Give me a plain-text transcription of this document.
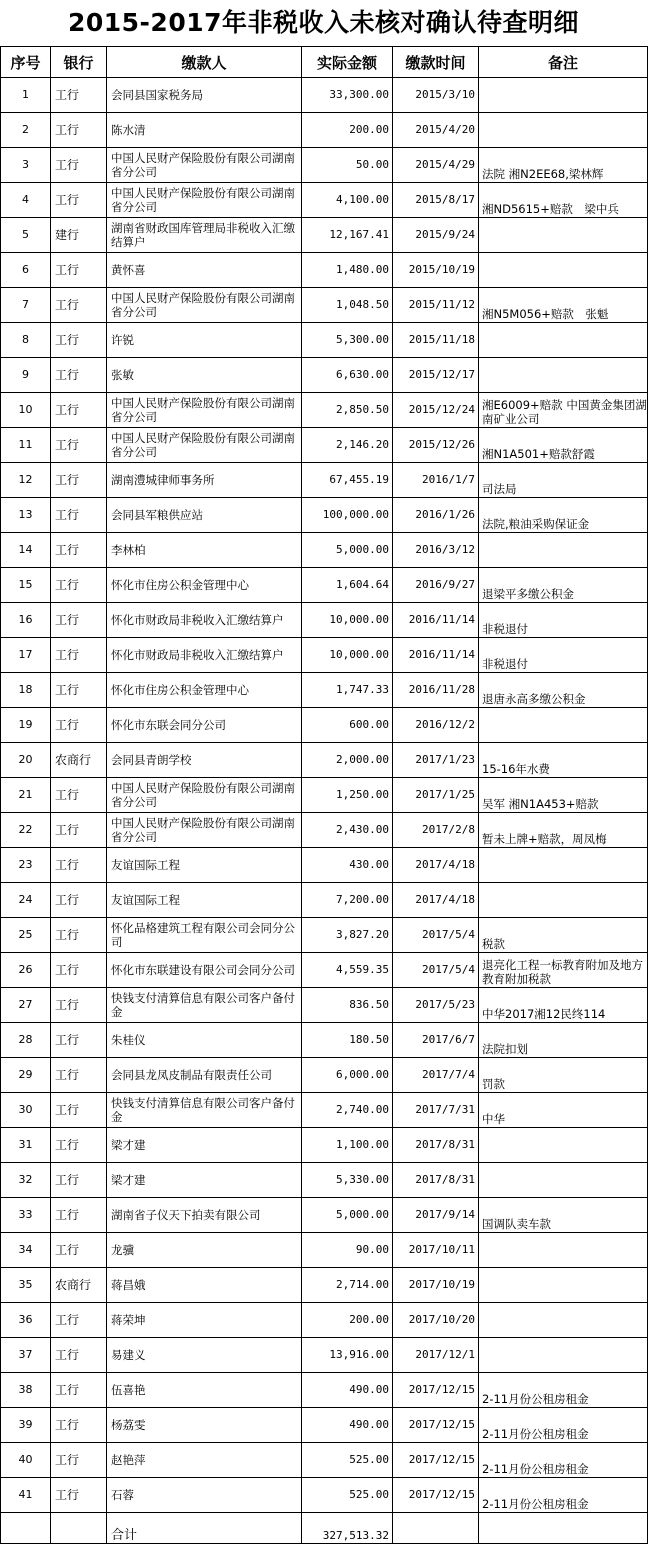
2015-2017年非税收入未核对确认待查明细
序号	银行	缴款人	实际金额	缴款时间	备注
1	工行	会同县国家税务局	33,300.00	2015/3/10	
2	工行	陈水清	200.00	2015/4/20	
3	工行	中国人民财产保险股份有限公司湖南省分公司	50.00	2015/4/29	法院 湘N2EE68,梁林辉
4	工行	中国人民财产保险股份有限公司湖南省分公司	4,100.00	2015/8/17	湘ND5615+赔款　梁中兵
5	建行	湖南省财政国库管理局非税收入汇缴结算户	12,167.41	2015/9/24	
6	工行	黄怀喜	1,480.00	2015/10/19	
7	工行	中国人民财产保险股份有限公司湖南省分公司	1,048.50	2015/11/12	湘N5M056+赔款　张魁
8	工行	许锐	5,300.00	2015/11/18	
9	工行	张敏	6,630.00	2015/12/17	
10	工行	中国人民财产保险股份有限公司湖南省分公司	2,850.50	2015/12/24	湘E6009+赔款 中国黄金集团湖南矿业公司
11	工行	中国人民财产保险股份有限公司湖南省分公司	2,146.20	2015/12/26	湘N1A501+赔款舒霞
12	工行	湖南澧城律师事务所	67,455.19	2016/1/7	司法局
13	工行	会同县军粮供应站	100,000.00	2016/1/26	法院,粮油采购保证金
14	工行	李林柏	5,000.00	2016/3/12	
15	工行	怀化市住房公积金管理中心	1,604.64	2016/9/27	退梁平多缴公积金
16	工行	怀化市财政局非税收入汇缴结算户	10,000.00	2016/11/14	非税退付
17	工行	怀化市财政局非税收入汇缴结算户	10,000.00	2016/11/14	非税退付
18	工行	怀化市住房公积金管理中心	1,747.33	2016/11/28	退唐永高多缴公积金
19	工行	怀化市东联会同分公司	600.00	2016/12/2	
20	农商行	会同县青朗学校	2,000.00	2017/1/23	15-16年水费
21	工行	中国人民财产保险股份有限公司湖南省分公司	1,250.00	2017/1/25	吴军 湘N1A453+赔款
22	工行	中国人民财产保险股份有限公司湖南省分公司	2,430.00	2017/2/8	暂未上牌+赔款，周凤梅
23	工行	友谊国际工程	430.00	2017/4/18	
24	工行	友谊国际工程	7,200.00	2017/4/18	
25	工行	怀化品格建筑工程有限公司会同分公司	3,827.20	2017/5/4	税款
26	工行	怀化市东联建设有限公司会同分公司	4,559.35	2017/5/4	退亮化工程一标教育附加及地方教育附加税款
27	工行	快钱支付清算信息有限公司客户备付金	836.50	2017/5/23	中华2017湘12民终114
28	工行	朱桂仪	180.50	2017/6/7	法院扣划
29	工行	会同县龙凤皮制品有限责任公司	6,000.00	2017/7/4	罚款
30	工行	快钱支付清算信息有限公司客户备付金	2,740.00	2017/7/31	中华
31	工行	梁才建	1,100.00	2017/8/31	
32	工行	梁才建	5,330.00	2017/8/31	
33	工行	湖南省子仪天下拍卖有限公司	5,000.00	2017/9/14	国调队卖车款
34	工行	龙骥	90.00	2017/10/11	
35	农商行	蒋昌娥	2,714.00	2017/10/19	
36	工行	蒋荣坤	200.00	2017/10/20	
37	工行	易建义	13,916.00	2017/12/1	
38	工行	伍喜艳	490.00	2017/12/15	2-11月份公租房租金
39	工行	杨荔雯	490.00	2017/12/15	2-11月份公租房租金
40	工行	赵艳萍	525.00	2017/12/15	2-11月份公租房租金
41	工行	石蓉	525.00	2017/12/15	2-11月份公租房租金
		合计	327,513.32		
